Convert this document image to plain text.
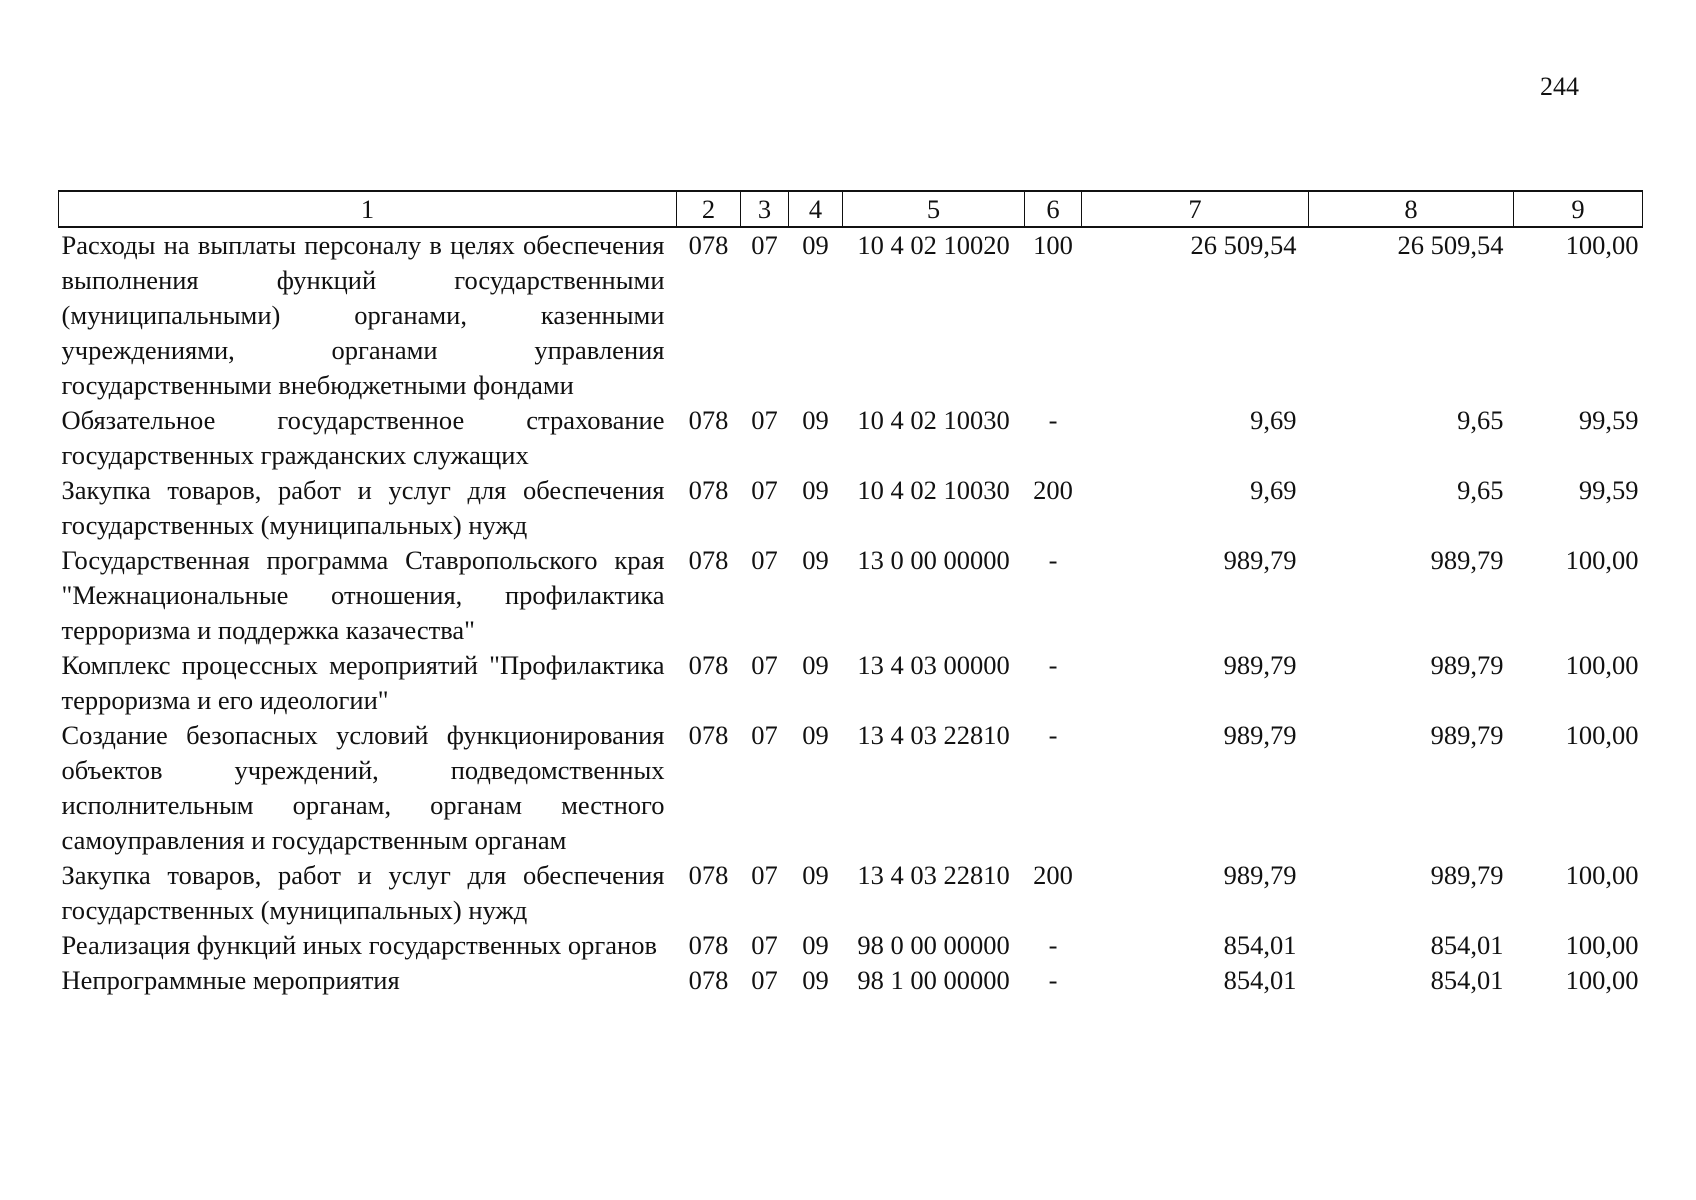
244
1	2	3	4	5	6	7	8	9
Расходы на выплаты персоналу в целях обеспечения выполнения функций государственными (муниципальными) органами, казенными учреждениями, органами управления государственными внебюджетными фондами	078	07	09	10 4 02 10020	100	26 509,54	26 509,54	100,00
Обязательное государственное страхование государственных гражданских служащих	078	07	09	10 4 02 10030	-	9,69	9,65	99,59
Закупка товаров, работ и услуг для обеспечения государственных (муниципальных) нужд	078	07	09	10 4 02 10030	200	9,69	9,65	99,59
Государственная программа Ставропольского края "Межнациональные отношения, профилактика терроризма и поддержка казачества"	078	07	09	13 0 00 00000	-	989,79	989,79	100,00
Комплекс процессных мероприятий "Профилактика терроризма и его идеологии"	078	07	09	13 4 03 00000	-	989,79	989,79	100,00
Создание безопасных условий функционирования объектов учреждений, подведомственных исполнительным органам, органам местного самоуправления и государственным органам	078	07	09	13 4 03 22810	-	989,79	989,79	100,00
Закупка товаров, работ и услуг для обеспечения государственных (муниципальных) нужд	078	07	09	13 4 03 22810	200	989,79	989,79	100,00
Реализация функций иных государственных органов	078	07	09	98 0 00 00000	-	854,01	854,01	100,00
Непрограммные мероприятия	078	07	09	98 1 00 00000	-	854,01	854,01	100,00
